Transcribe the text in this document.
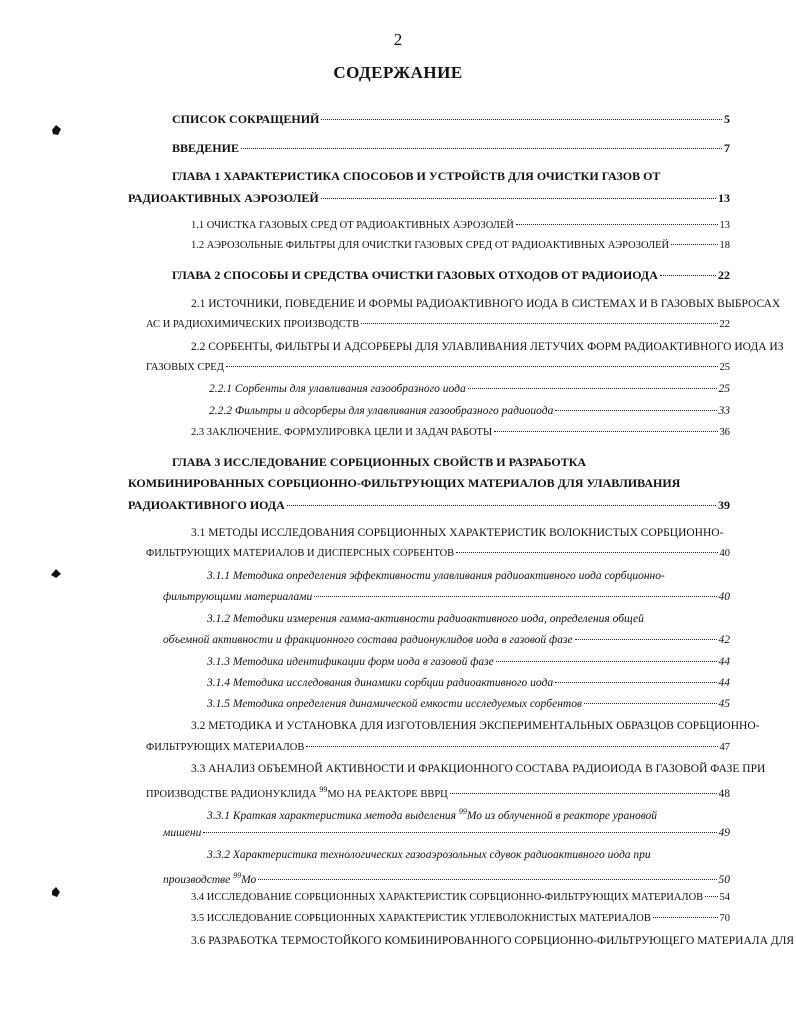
2
СОДЕРЖАНИЕ
СПИСОК СОКРАЩЕНИЙ	5
ВВЕДЕНИЕ	7
ГЛАВА 1 ХАРАКТЕРИСТИКА СПОСОБОВ И УСТРОЙСТВ ДЛЯ ОЧИСТКИ ГАЗОВ ОТ
РАДИОАКТИВНЫХ АЭРОЗОЛЕЙ	13
1.1 ОЧИСТКА ГАЗОВЫХ СРЕД ОТ РАДИОАКТИВНЫХ АЭРОЗОЛЕЙ	13
1.2 АЭРОЗОЛЬНЫЕ ФИЛЬТРЫ ДЛЯ ОЧИСТКИ ГАЗОВЫХ СРЕД ОТ РАДИОАКТИВНЫХ АЭРОЗОЛЕЙ	18
ГЛАВА 2 СПОСОБЫ И СРЕДСТВА ОЧИСТКИ ГАЗОВЫХ ОТХОДОВ ОТ РАДИОИОДА	22
2.1 ИСТОЧНИКИ, ПОВЕДЕНИЕ И ФОРМЫ РАДИОАКТИВНОГО ИОДА В СИСТЕМАХ И В ГАЗОВЫХ ВЫБРОСАХ
АС И РАДИОХИМИЧЕСКИХ ПРОИЗВОДСТВ	22
2.2 СОРБЕНТЫ, ФИЛЬТРЫ И АДСОРБЕРЫ ДЛЯ УЛАВЛИВАНИЯ ЛЕТУЧИХ ФОРМ РАДИОАКТИВНОГО ИОДА ИЗ
ГАЗОВЫХ СРЕД	25
2.2.1 Сорбенты для улавливания газообразного иода	25
2.2.2 Фильтры и адсорберы для улавливания газообразного радиоиода	33
2.3 ЗАКЛЮЧЕНИЕ. ФОРМУЛИРОВКА ЦЕЛИ И ЗАДАЧ РАБОТЫ	36
ГЛАВА 3 ИССЛЕДОВАНИЕ СОРБЦИОННЫХ СВОЙСТВ И РАЗРАБОТКА
КОМБИНИРОВАННЫХ СОРБЦИОННО-ФИЛЬТРУЮЩИХ МАТЕРИАЛОВ ДЛЯ УЛАВЛИВАНИЯ
РАДИОАКТИВНОГО ИОДА	39
3.1 МЕТОДЫ ИССЛЕДОВАНИЯ СОРБЦИОННЫХ ХАРАКТЕРИСТИК ВОЛОКНИСТЫХ СОРБЦИОННО-
ФИЛЬТРУЮЩИХ МАТЕРИАЛОВ И ДИСПЕРСНЫХ СОРБЕНТОВ	40
3.1.1 Методика определения эффективности улавливания радиоактивного иода сорбционно-
фильтрующими материалами	40
3.1.2 Методики измерения гамма-активности радиоактивного иода, определения общей
объемной активности и фракционного состава радионуклидов иода в газовой фазе	42
3.1.3 Методика идентификации форм иода в газовой фазе	44
3.1.4 Методика исследования динамики сорбции радиоактивного иода	44
3.1.5 Методика определения динамической емкости исследуемых сорбентов	45
3.2 МЕТОДИКА И УСТАНОВКА ДЛЯ ИЗГОТОВЛЕНИЯ ЭКСПЕРИМЕНТАЛЬНЫХ ОБРАЗЦОВ СОРБЦИОННО-
ФИЛЬТРУЮЩИХ МАТЕРИАЛОВ	47
3.3 АНАЛИЗ ОБЪЕМНОЙ АКТИВНОСТИ И ФРАКЦИОННОГО СОСТАВА РАДИОИОДА В ГАЗОВОЙ ФАЗЕ ПРИ
ПРОИЗВОДСТВЕ РАДИОНУКЛИДА $^{99}$МО НА РЕАКТОРЕ ВВРЦ	48
3.3.1 Краткая характеристика метода выделения $^{99}$Мо из облученной в реакторе урановой
мишени	49
3.3.2 Характеристика технологических газоаэрозольных сдувок радиоактивного иода при
производстве $^{99}$Мо	50
3.4 ИССЛЕДОВАНИЕ СОРБЦИОННЫХ ХАРАКТЕРИСТИК СОРБЦИОННО-ФИЛЬТРУЮЩИХ МАТЕРИАЛОВ 54
3.5 ИССЛЕДОВАНИЕ СОРБЦИОННЫХ ХАРАКТЕРИСТИК УГЛЕВОЛОКНИСТЫХ МАТЕРИАЛОВ	70
3.6 РАЗРАБОТКА ТЕРМОСТОЙКОГО КОМБИНИРОВАННОГО СОРБЦИОННО-ФИЛЬТРУЮЩЕГО МАТЕРИАЛА ДЛЯ
